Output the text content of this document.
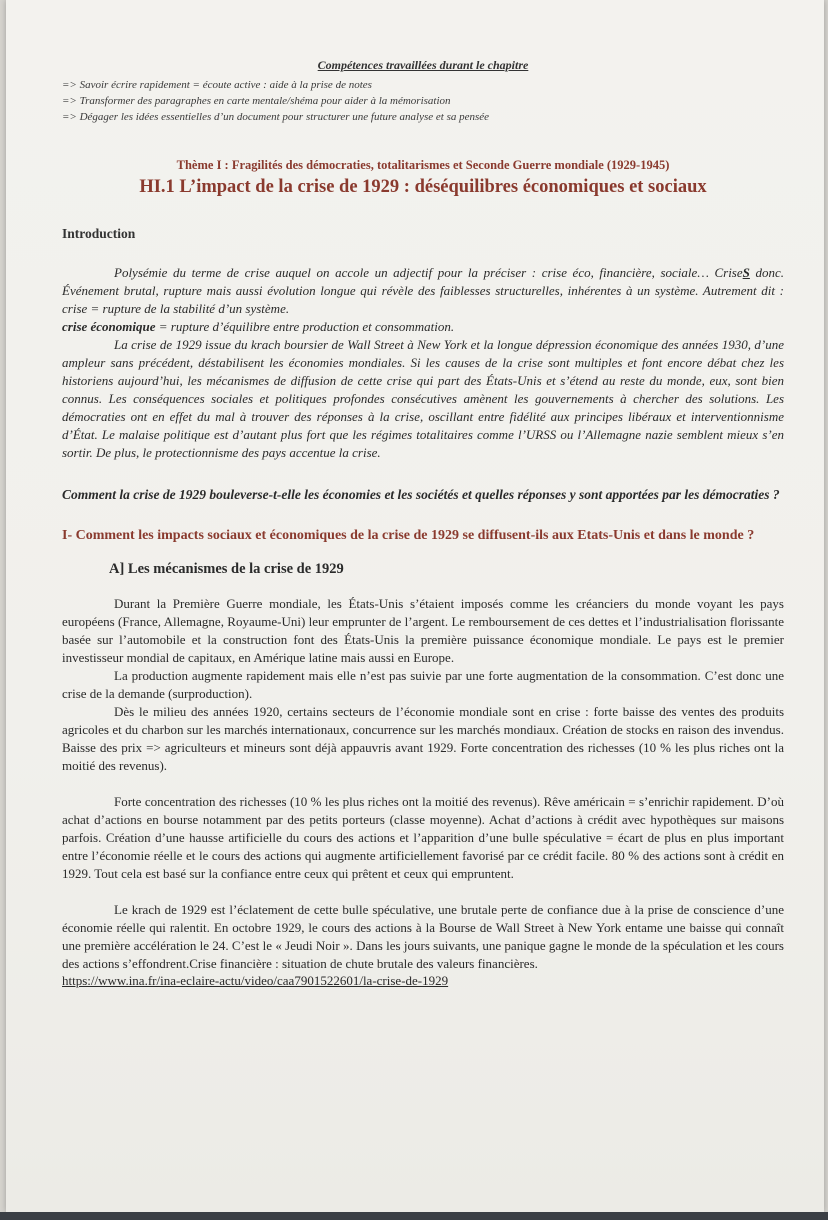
Compétences travaillées durant le chapitre
=> Savoir écrire rapidement = écoute active : aide à la prise de notes
=> Transformer des paragraphes en carte mentale/shéma pour aider à la mémorisation
=> Dégager les idées essentielles d’un document pour structurer une future analyse et sa pensée
Thème I : Fragilités des démocraties, totalitarismes et Seconde Guerre mondiale (1929-1945)
HI.1 L’impact de la crise de 1929 : déséquilibres économiques et sociaux
Introduction

Polysémie du terme de crise auquel on accole un adjectif pour la préciser : crise éco, financière, sociale… CriseS donc. Événement brutal, rupture mais aussi évolution longue qui révèle des faiblesses structurelles, inhérentes à un système. Autrement dit : crise = rupture de la stabilité d’un système.

crise économique = rupture d’équilibre entre production et consommation.

La crise de 1929 issue du krach boursier de Wall Street à New York et la longue dépression économique des années 1930, d’une ampleur sans précédent, déstabilisent les économies mondiales. Si les causes de la crise sont multiples et font encore débat chez les historiens aujourd’hui, les mécanismes de diffusion de cette crise qui part des États-Unis et s’étend au reste du monde, eux, sont bien connus. Les conséquences sociales et politiques profondes consécutives amènent les gouvernements à chercher des solutions. Les démocraties ont en effet du mal à trouver des réponses à la crise, oscillant entre fidélité aux principes libéraux et interventionnisme d’État. Le malaise politique est d’autant plus fort que les régimes totalitaires comme l’URSS ou l’Allemagne nazie semblent mieux s’en sortir. De plus, le protectionnisme des pays accentue la crise.

Comment la crise de 1929 bouleverse-t-elle les économies et les sociétés et quelles réponses y sont apportées par les démocraties ?
I- Comment les impacts sociaux et économiques de la crise de 1929 se diffusent-ils aux Etats-Unis et dans le monde ?
A] Les mécanismes de la crise de 1929

Durant la Première Guerre mondiale, les États-Unis s’étaient imposés comme les créanciers du monde voyant les pays européens (France, Allemagne, Royaume-Uni) leur emprunter de l’argent. Le remboursement de ces dettes et l’industrialisation florissante basée sur l’automobile et la construction font des États-Unis la première puissance économique mondiale. Le pays est le premier investisseur mondial de capitaux, en Amérique latine mais aussi en Europe.

La production augmente rapidement mais elle n’est pas suivie par une forte augmentation de la consommation. C’est donc une crise de la demande (surproduction).

Dès le milieu des années 1920, certains secteurs de l’économie mondiale sont en crise : forte baisse des ventes des produits agricoles et du charbon sur les marchés internationaux, concurrence sur les marchés mondiaux. Création de stocks en raison des invendus. Baisse des prix => agriculteurs et mineurs sont déjà appauvris avant 1929. Forte concentration des richesses (10 % les plus riches ont la moitié des revenus).

Forte concentration des richesses (10 % les plus riches ont la moitié des revenus). Rêve américain = s’enrichir rapidement. D’où achat d’actions en bourse notamment par des petits porteurs (classe moyenne). Achat d’actions à crédit avec hypothèques sur maisons parfois. Création d’une hausse artificielle du cours des actions et l’apparition d’une bulle spéculative = écart de plus en plus important entre l’économie réelle et le cours des actions qui augmente artificiellement favorisé par ce crédit facile. 80 % des actions sont à crédit en 1929. Tout cela est basé sur la confiance entre ceux qui prêtent et ceux qui empruntent.

Le krach de 1929 est l’éclatement de cette bulle spéculative, une brutale perte de confiance due à la prise de conscience d’une économie réelle qui ralentit. En octobre 1929, le cours des actions à la Bourse de Wall Street à New York entame une baisse qui connaît une première accélération le 24. C’est le « Jeudi Noir ». Dans les jours suivants, une panique gagne le monde de la spéculation et les cours des actions s’effondrent.Crise financière : situation de chute brutale des valeurs financières.

https://www.ina.fr/ina-eclaire-actu/video/caa7901522601/la-crise-de-1929
